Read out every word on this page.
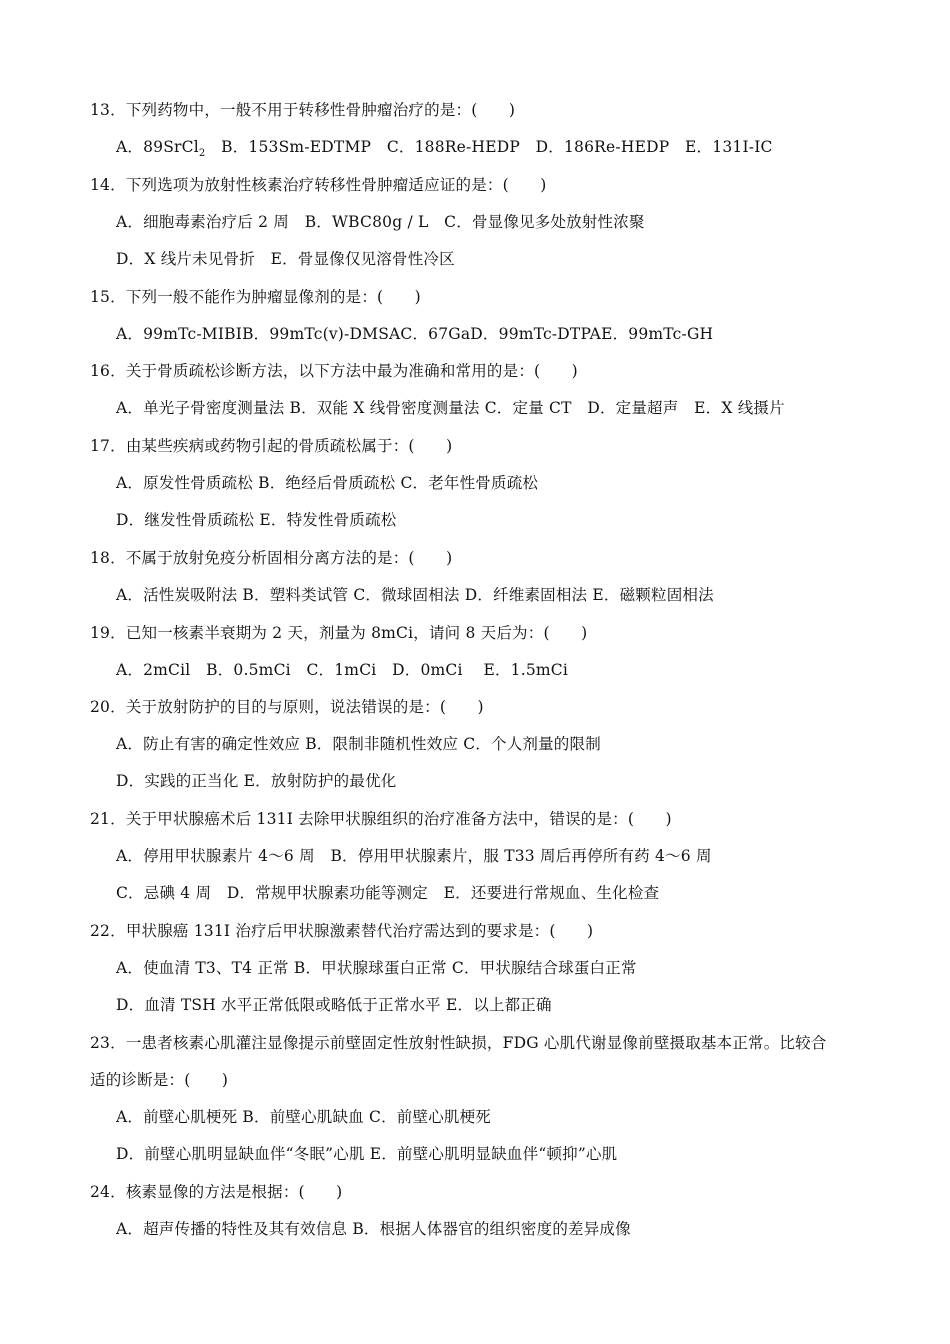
13．下列药物中，一般不用于转移性骨肿瘤治疗的是：(　　)
A．89SrCl$_2$　B．153Sm-EDTMP　C．188Re-HEDP　D．186Re-HEDP　E．131I-IC
14．下列选项为放射性核素治疗转移性骨肿瘤适应证的是：(　　)
A．细胞毒素治疗后 2 周　B．WBC80g / L　C．骨显像见多处放射性浓聚
D．X 线片未见骨折　E．骨显像仅见溶骨性冷区
15．下列一般不能作为肿瘤显像剂的是：(　　)
A．99mTc-MIBIB．99mTc(v)-DMSAC．67GaD．99mTc-DTPAE．99mTc-GH
16．关于骨质疏松诊断方法，以下方法中最为准确和常用的是：(　　)
A．单光子骨密度测量法 B．双能 X 线骨密度测量法 C．定量 CT　D．定量超声　E．X 线摄片
17．由某些疾病或药物引起的骨质疏松属于：(　　)
A．原发性骨质疏松 B．绝经后骨质疏松 C．老年性骨质疏松
D．继发性骨质疏松 E．特发性骨质疏松
18．不属于放射免疫分析固相分离方法的是：(　　)
A．活性炭吸附法 B．塑料类试管 C．微球固相法 D．纤维素固相法 E．磁颗粒固相法
19．已知一核素半衰期为 2 天，剂量为 8mCi，请问 8 天后为：(　　)
A．2mCil　B．0.5mCi　C．1mCi　D．0mCi　 E．1.5mCi
20．关于放射防护的目的与原则，说法错误的是：(　　)
A．防止有害的确定性效应 B．限制非随机性效应 C．个人剂量的限制
D．实践的正当化 E．放射防护的最优化
21．关于甲状腺癌术后 131I 去除甲状腺组织的治疗准备方法中，错误的是：(　　)
A．停用甲状腺素片 4～6 周　B．停用甲状腺素片，服 T33 周后再停所有药 4～6 周
C．忌碘 4 周　D．常规甲状腺素功能等测定　E．还要进行常规血、生化检查
22．甲状腺癌 131I 治疗后甲状腺激素替代治疗需达到的要求是：(　　)
A．使血清 T3、T4 正常 B．甲状腺球蛋白正常 C．甲状腺结合球蛋白正常
D．血清 TSH 水平正常低限或略低于正常水平 E．以上都正确
23．一患者核素心肌灌注显像提示前壁固定性放射性缺损，FDG 心肌代谢显像前壁摄取基本正常。比较合
适的诊断是：(　　)
A．前壁心肌梗死 B．前壁心肌缺血 C．前壁心肌梗死
D．前壁心肌明显缺血伴“冬眠”心肌 E．前壁心肌明显缺血伴“顿抑”心肌
24．核素显像的方法是根据：(　　)
A．超声传播的特性及其有效信息 B．根据人体器官的组织密度的差异成像
